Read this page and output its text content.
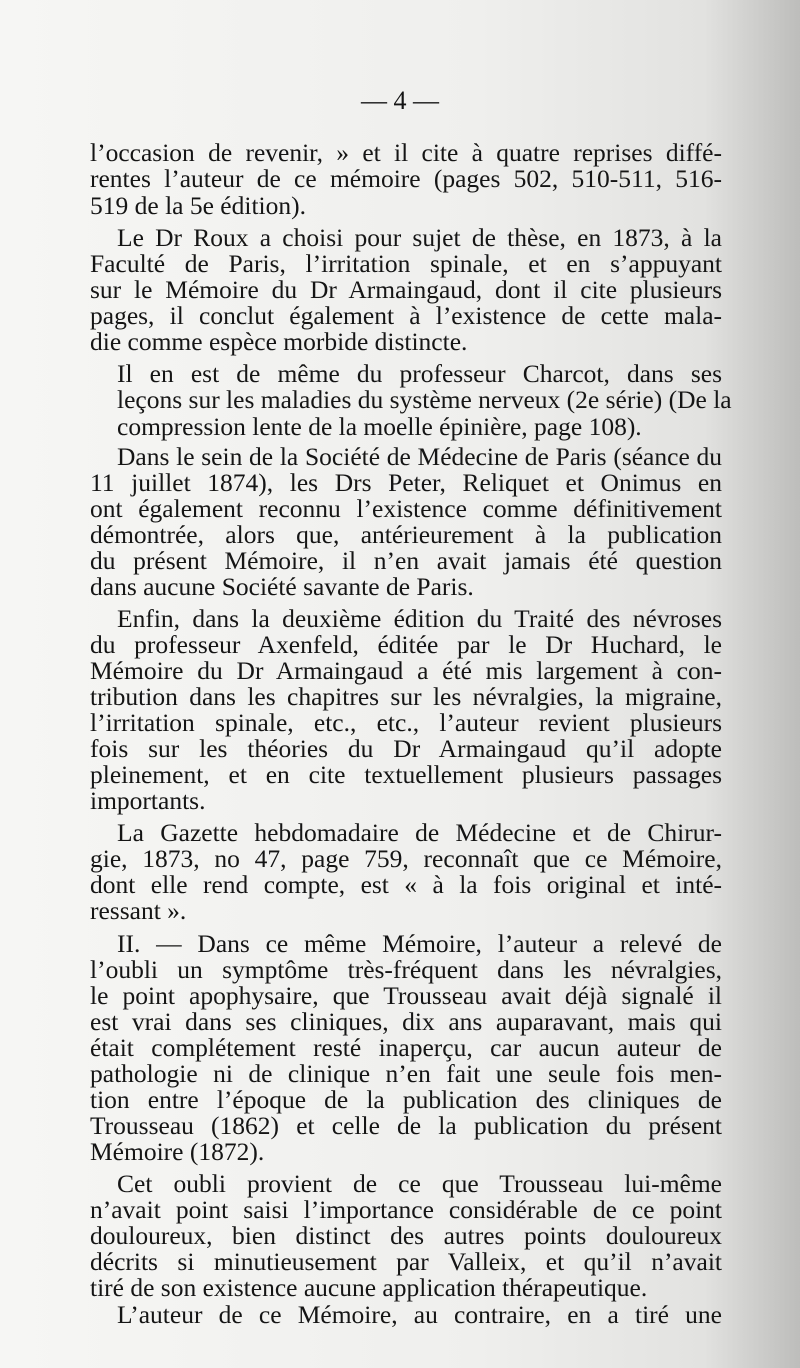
​
— 4 —
l’occasion de revenir, » et il cite à quatre reprises diffé-
rentes l’auteur de ce mémoire (pages 502, 510-511, 516-
519 de la 5e édition).
Le Dr Roux a choisi pour sujet de thèse, en 1873, à la
Faculté de Paris, l’irritation spinale, et en s’appuyant
sur le Mémoire du Dr Armaingaud, dont il cite plusieurs
pages, il conclut également à l’existence de cette mala-
die comme espèce morbide distincte.
Il en est de même du professeur Charcot, dans ses
leçons sur les maladies du système nerveux (2e série) (De la
compression lente de la moelle épinière, page 108).
Dans le sein de la Société de Médecine de Paris (séance du
11 juillet 1874), les Drs Peter, Reliquet et Onimus en
ont également reconnu l’existence comme définitivement
démontrée, alors que, antérieurement à la publication
du présent Mémoire, il n’en avait jamais été question
dans aucune Société savante de Paris.
Enfin, dans la deuxième édition du Traité des névroses
du professeur Axenfeld, éditée par le Dr Huchard, le
Mémoire du Dr Armaingaud a été mis largement à con-
tribution dans les chapitres sur les névralgies, la migraine,
l’irritation spinale, etc., etc., l’auteur revient plusieurs
fois sur les théories du Dr Armaingaud qu’il adopte
pleinement, et en cite textuellement plusieurs passages
importants.
La Gazette hebdomadaire de Médecine et de Chirur-
gie, 1873, no 47, page 759, reconnaît que ce Mémoire,
dont elle rend compte, est « à la fois original et inté-
ressant ».
II. — Dans ce même Mémoire, l’auteur a relevé de
l’oubli un symptôme très-fréquent dans les névralgies,
le point apophysaire, que Trousseau avait déjà signalé il
est vrai dans ses cliniques, dix ans auparavant, mais qui
était complétement resté inaperçu, car aucun auteur de
pathologie ni de clinique n’en fait une seule fois men-
tion entre l’époque de la publication des cliniques de
Trousseau (1862) et celle de la publication du présent
Mémoire (1872).
Cet oubli provient de ce que Trousseau lui-même
n’avait point saisi l’importance considérable de ce point
douloureux, bien distinct des autres points douloureux
décrits si minutieusement par Valleix, et qu’il n’avait
tiré de son existence aucune application thérapeutique.
L’auteur de ce Mémoire, au contraire, en a tiré une
